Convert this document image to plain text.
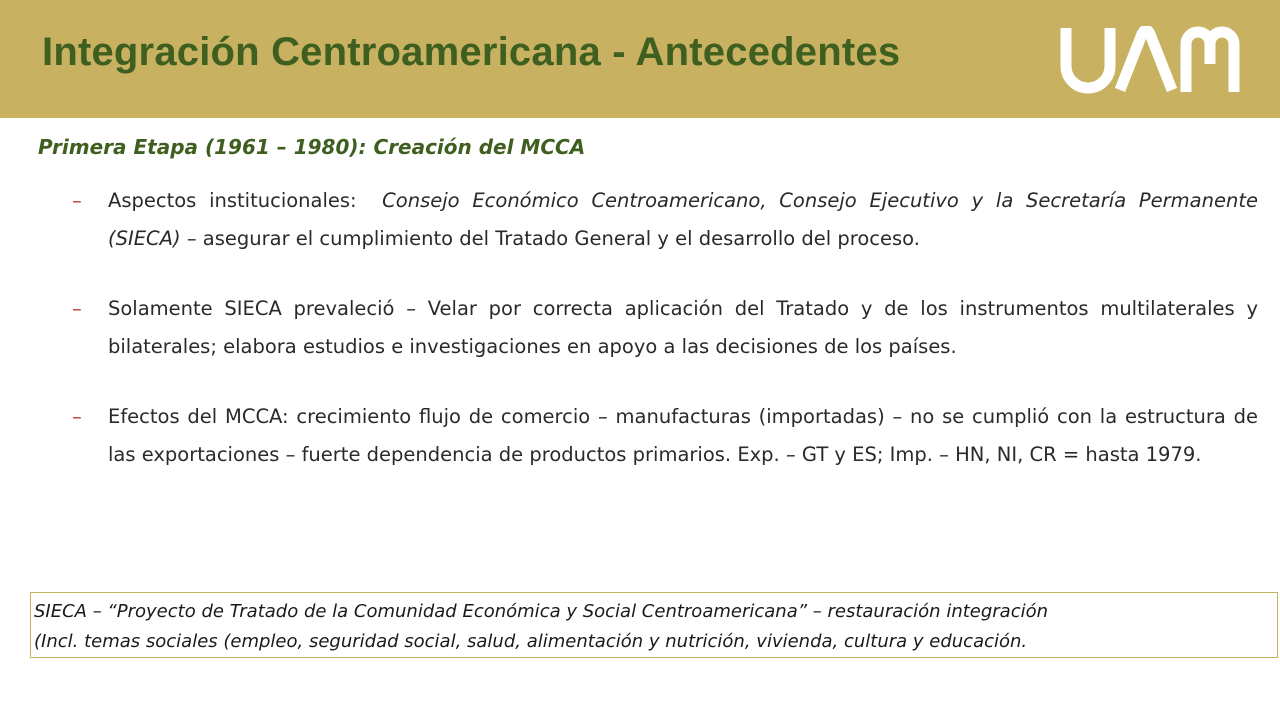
Integración Centroamericana - Antecedentes

Primera Etapa (1961 – 1980): Creación del MCCA

– Aspectos institucionales: Consejo Económico Centroamericano, Consejo Ejecutivo y la Secretaría Permanente (SIECA) – asegurar el cumplimiento del Tratado General y el desarrollo del proceso.
– Solamente SIECA prevaleció – Velar por correcta aplicación del Tratado y de los instrumentos multilaterales y bilaterales; elabora estudios e investigaciones en apoyo a las decisiones de los países.
– Efectos del MCCA: crecimiento flujo de comercio – manufacturas (importadas) – no se cumplió con la estructura de las exportaciones – fuerte dependencia de productos primarios. Exp. – GT y ES; Imp. – HN, NI, CR = hasta 1979.
SIECA – “Proyecto de Tratado de la Comunidad Económica y Social Centroamericana” – restauración integración
(Incl. temas sociales (empleo, seguridad social, salud, alimentación y nutrición, vivienda, cultura y educación.
